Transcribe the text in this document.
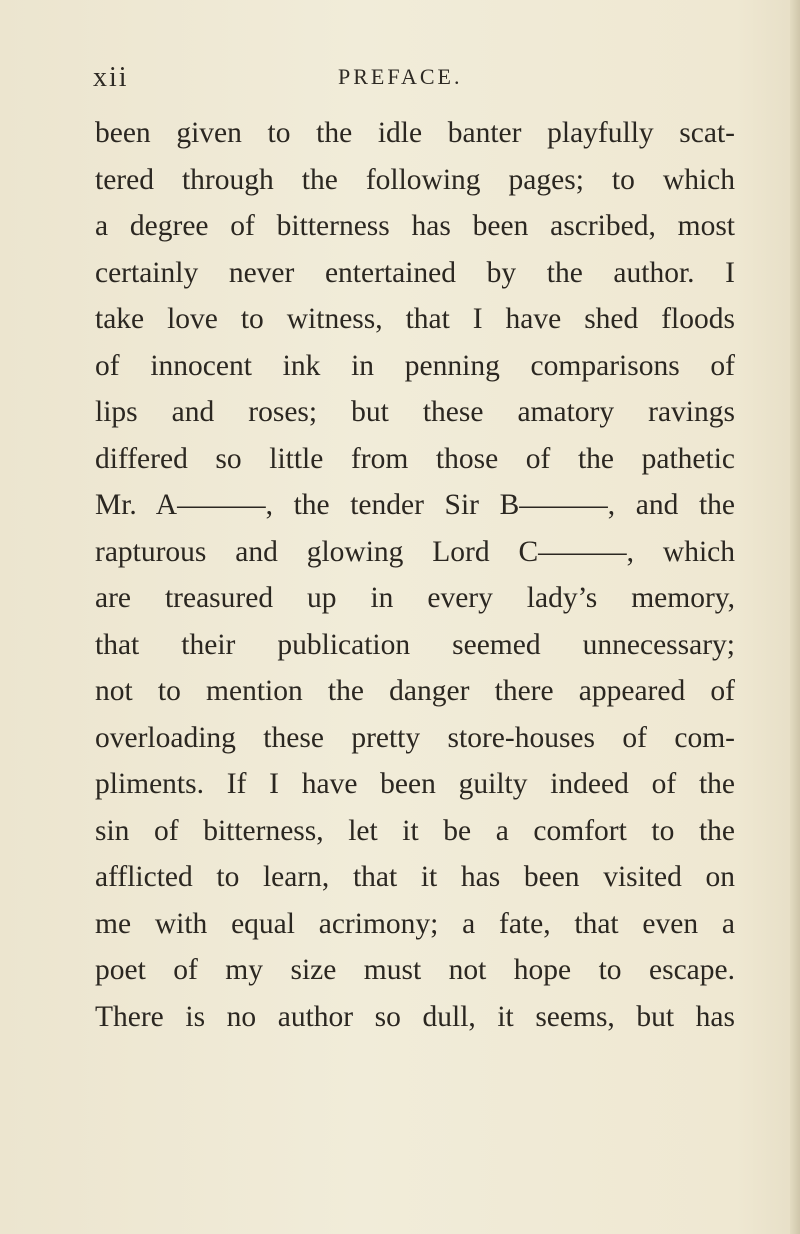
xii	PREFACE.
been given to the idle banter playfully scat-
tered through the following pages; to which
a degree of bitterness has been ascribed, most
certainly never entertained by the author. I
take love to witness, that I have shed floods
of innocent ink in penning comparisons of
lips and roses; but these amatory ravings
differed so little from those of the pathetic
Mr. A———, the tender Sir B———, and the
rapturous and glowing Lord C———, which
are treasured up in every lady’s memory,
that their publication seemed unnecessary;
not to mention the danger there appeared of
overloading these pretty store-houses of com-
pliments. If I have been guilty indeed of the
sin of bitterness, let it be a comfort to the
afflicted to learn, that it has been visited on
me with equal acrimony; a fate, that even a
poet of my size must not hope to escape.
There is no author so dull, it seems, but has
